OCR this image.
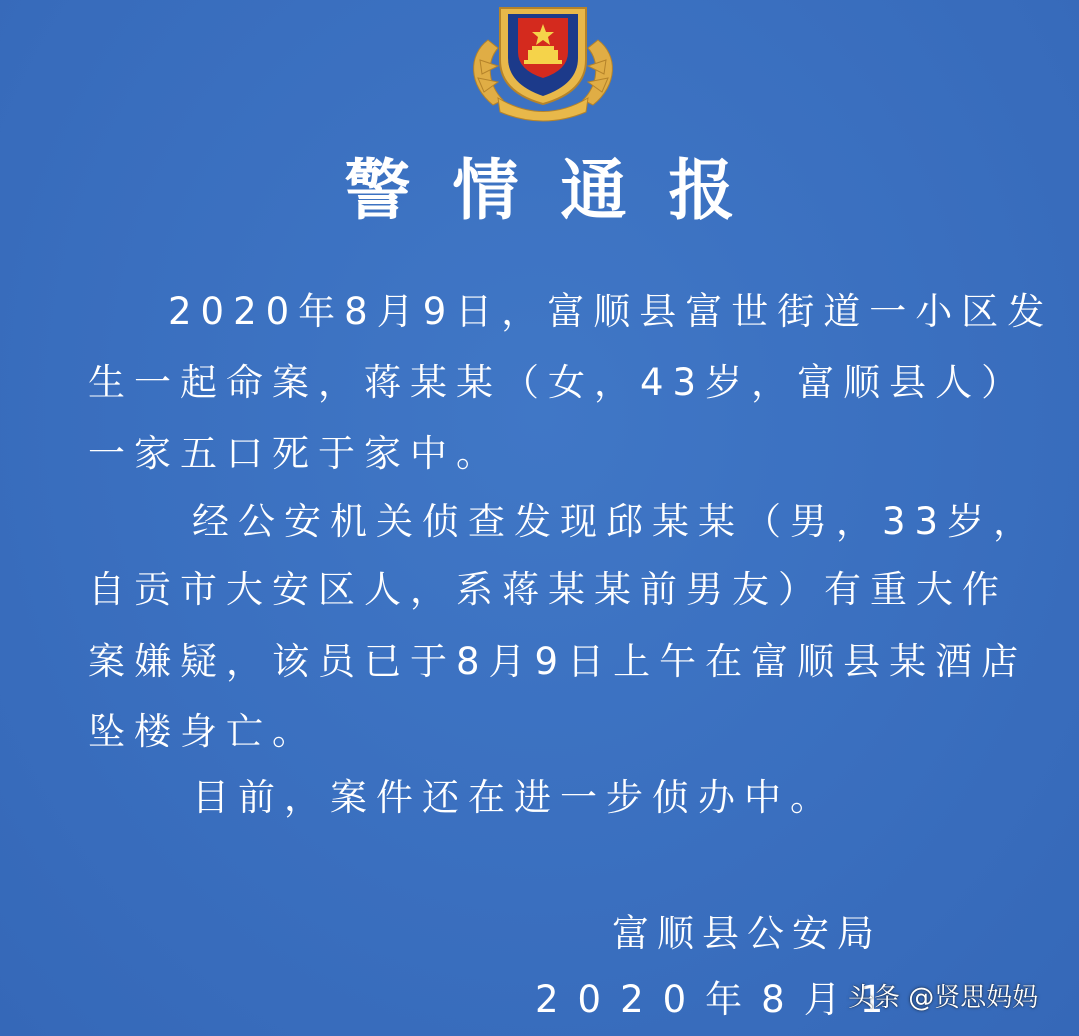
警情通报
2020年8月9日，富顺县富世街道一小区发
生一起命案，蒋某某（女，43岁，富顺县人）
一家五口死于家中。
经公安机关侦查发现邱某某（男，33岁，
自贡市大安区人，系蒋某某前男友）有重大作
案嫌疑，该员已于8月9日上午在富顺县某酒店
坠楼身亡。
目前，案件还在进一步侦办中。
富顺县公安局
2020年8月1
头条 @贤思妈妈
